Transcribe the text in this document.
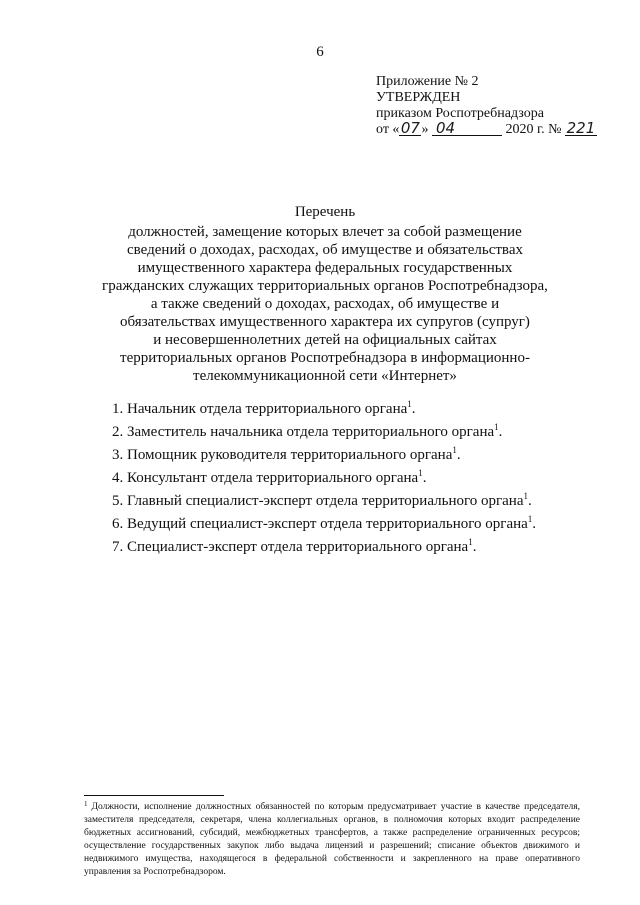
6
Приложение № 2
УТВЕРЖДЕН
приказом Роспотребнадзора
от «07» 04	2020 г. № 221
Перечень
должностей, замещение которых влечет за собой размещение
сведений о доходах, расходах, об имуществе и обязательствах
имущественного характера федеральных государственных
гражданских служащих территориальных органов Роспотребнадзора,
а также сведений о доходах, расходах, об имуществе и
обязательствах имущественного характера их супругов (супруг)
и несовершеннолетних детей на официальных сайтах
территориальных органов Роспотребнадзора в информационно-
телекоммуникационной сети «Интернет»
1. Начальник отдела территориального органа$^1$.
2. Заместитель начальника отдела территориального органа$^1$.
3. Помощник руководителя территориального органа$^1$.
4. Консультант отдела территориального органа$^1$.
5. Главный специалист-эксперт отдела территориального органа$^1$.
6. Ведущий специалист-эксперт отдела территориального органа$^1$.
7. Специалист-эксперт отдела территориального органа$^1$.
$^1$ Должности, исполнение должностных обязанностей по которым предусматривает участие в качестве председателя, заместителя председателя, секретаря, члена коллегиальных органов, в полномочия которых входит распределение бюджетных ассигнований, субсидий, межбюджетных трансфертов, а также распределение ограниченных ресурсов; осуществление государственных закупок либо выдача лицензий и разрешений; списание объектов движимого и недвижимого имущества, находящегося в федеральной собственности и закрепленного на праве оперативного управления за Роспотребнадзором.
